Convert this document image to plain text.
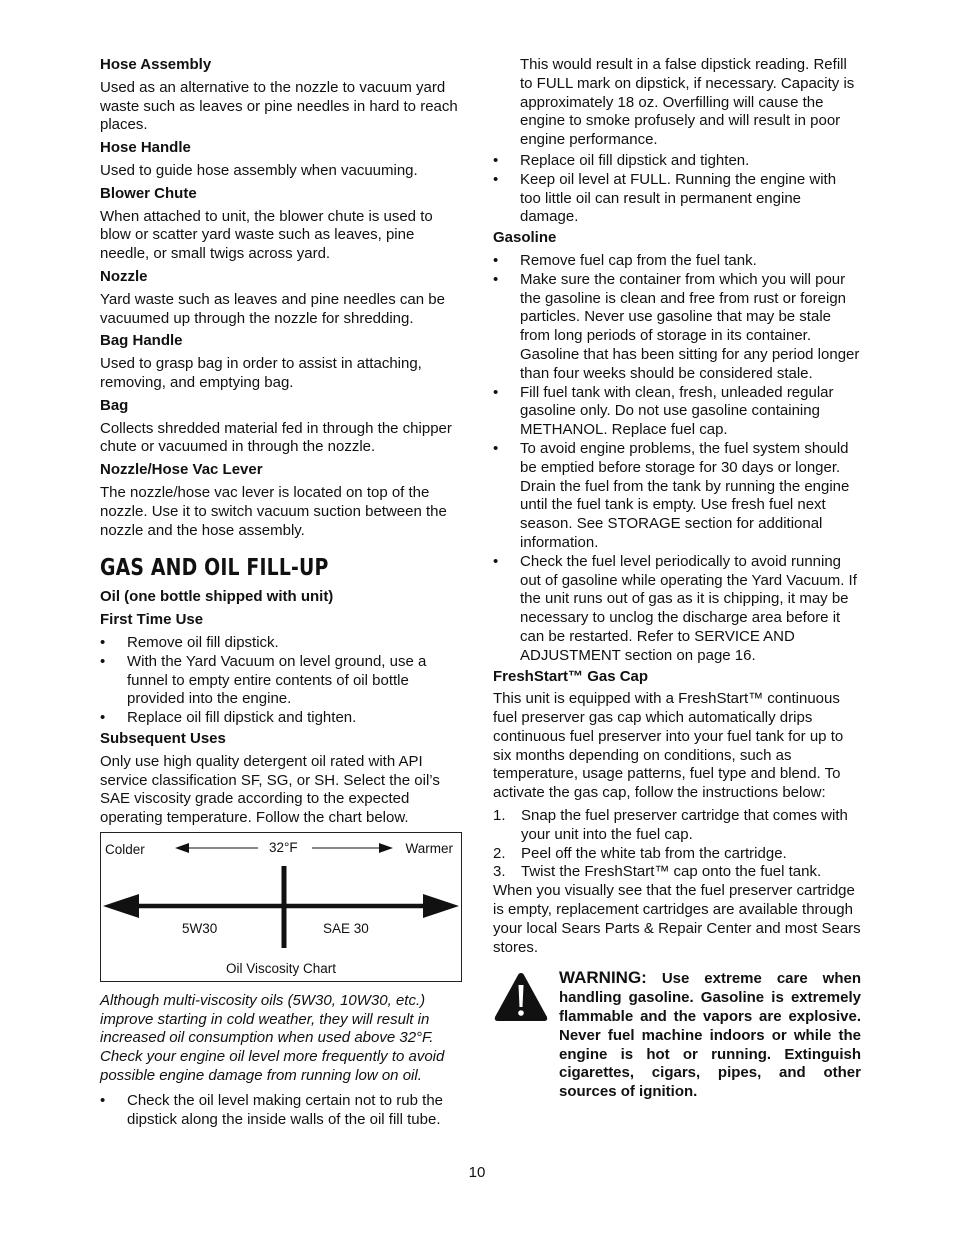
Hose Assembly
Used as an alternative to the nozzle to vacuum yard waste such as leaves or pine needles in hard to reach places.
Hose Handle
Used to guide hose assembly when vacuuming.
Blower Chute
When attached to unit, the blower chute is used to blow or scatter yard waste such as leaves, pine needle, or small twigs across yard.
Nozzle
Yard waste such as leaves and pine needles can be vacuumed up through the nozzle for shredding.
Bag Handle
Used to grasp bag in order to assist in attaching, removing, and emptying bag.
Bag
Collects shredded material fed in through the chipper chute or vacuumed in through the nozzle.
Nozzle/Hose Vac Lever
The nozzle/hose vac lever is located on top of the nozzle. Use it to switch vacuum suction between the nozzle and the hose assembly.
GAS AND OIL FILL-UP
Oil (one bottle shipped with unit)
First Time Use
• Remove oil fill dipstick.
• With the Yard Vacuum on level ground, use a funnel to empty entire contents of oil bottle provided into the engine.
• Replace oil fill dipstick and tighten.
Subsequent Uses
Only use high quality detergent oil rated with API service classification SF, SG, or SH. Select the oil’s SAE viscosity grade according to the expected operating temperature. Follow the chart below.
Colder	32°F	Warmer
5W30	SAE 30
Oil Viscosity Chart
Although multi-viscosity oils (5W30, 10W30, etc.) improve starting in cold weather, they will result in increased oil consumption when used above 32°F. Check your engine oil level more frequently to avoid possible engine damage from running low on oil.
• Check the oil level making certain not to rub the dipstick along the inside walls of the oil fill tube.
This would result in a false dipstick reading. Refill to FULL mark on dipstick, if necessary. Capacity is approximately 18 oz. Overfilling will cause the engine to smoke profusely and will result in poor engine performance.
• Replace oil fill dipstick and tighten.
• Keep oil level at FULL. Running the engine with too little oil can result in permanent engine damage.
Gasoline
• Remove fuel cap from the fuel tank.
• Make sure the container from which you will pour the gasoline is clean and free from rust or foreign particles. Never use gasoline that may be stale from long periods of storage in its container. Gasoline that has been sitting for any period longer than four weeks should be considered stale.
• Fill fuel tank with clean, fresh, unleaded regular gasoline only. Do not use gasoline containing METHANOL. Replace fuel cap.
• To avoid engine problems, the fuel system should be emptied before storage for 30 days or longer. Drain the fuel from the tank by running the engine until the fuel tank is empty. Use fresh fuel next season. See STORAGE section for additional information.
• Check the fuel level periodically to avoid running out of gasoline while operating the Yard Vacuum. If the unit runs out of gas as it is chipping, it may be necessary to unclog the discharge area before it can be restarted. Refer to SERVICE AND ADJUSTMENT section on page 16.
FreshStart™ Gas Cap
This unit is equipped with a FreshStart™ continuous fuel preserver gas cap which automatically drips continuous fuel preserver into your fuel tank for up to six months depending on conditions, such as temperature, usage patterns, fuel type and blend. To activate the gas cap, follow the instructions below:
1. Snap the fuel preserver cartridge that comes with your unit into the fuel cap.
2. Peel off the white tab from the cartridge.
3. Twist the FreshStart™ cap onto the fuel tank.
When you visually see that the fuel preserver cartridge is empty, replacement cartridges are available through your local Sears Parts & Repair Center and most Sears stores.
WARNING: Use extreme care when handling gasoline. Gasoline is extremely flammable and the vapors are explosive. Never fuel machine indoors or while the engine is hot or running. Extinguish cigarettes, cigars, pipes, and other sources of ignition.
10
